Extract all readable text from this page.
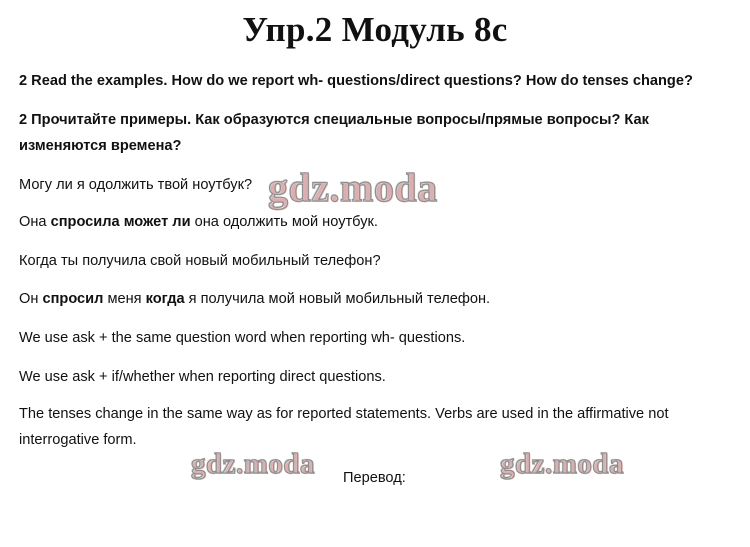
Упр.2 Модуль 8с
2 Read the examples. How do we report wh- questions/direct questions? How do tenses change?
2 Прочитайте примеры. Как образуются специальные вопросы/прямые вопросы? Как изменяются времена?
Могу ли я одолжить твой ноутбук?
Она спросила может ли она одолжить мой ноутбук.
Когда ты получила свой новый мобильный телефон?
Он спросил меня когда я получила мой новый мобильный телефон.
We use ask + the same question word when reporting wh- questions.
We use ask + if/whether when reporting direct questions.
The tenses change in the same way as for reported statements. Verbs are used in the affirmative not interrogative form.
Перевод:
gdz.moda
gdz.moda	gdz.moda
